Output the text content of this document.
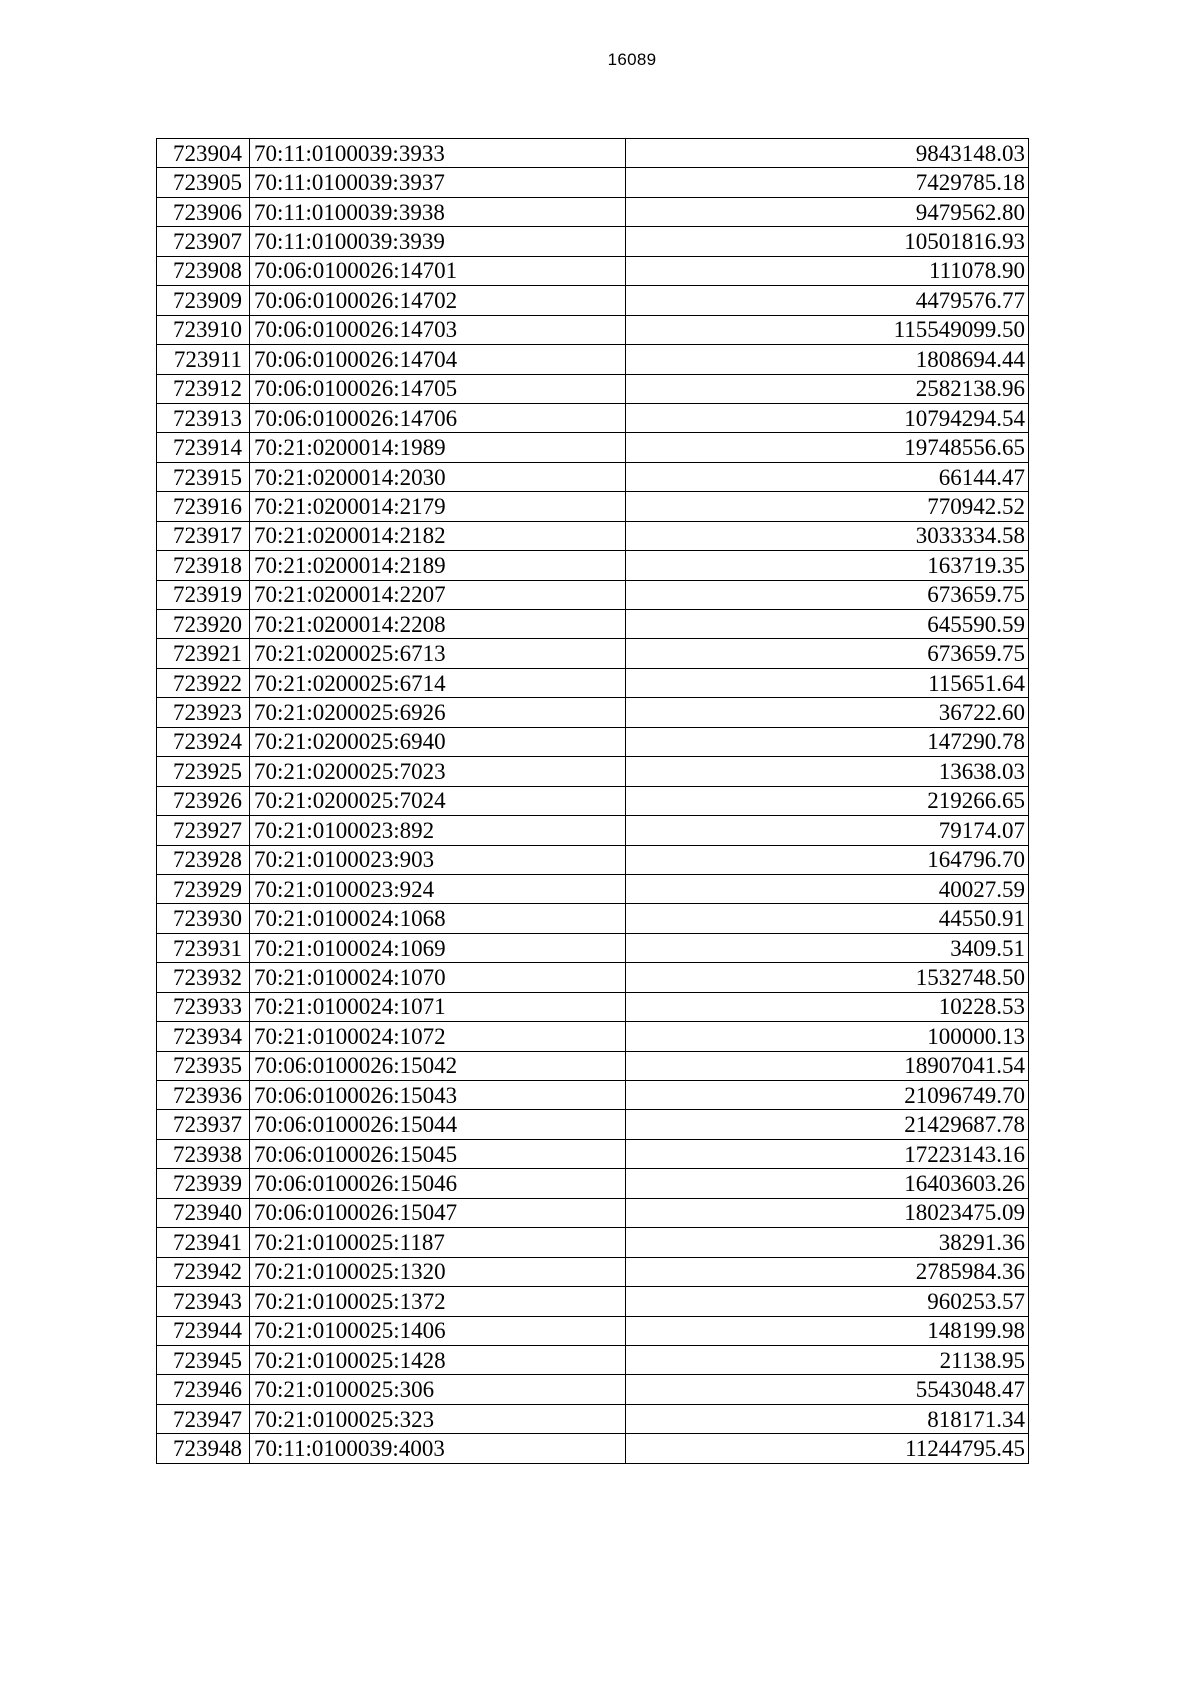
16089
723904	70:11:0100039:3933	9843148.03
723905	70:11:0100039:3937	7429785.18
723906	70:11:0100039:3938	9479562.80
723907	70:11:0100039:3939	10501816.93
723908	70:06:0100026:14701	111078.90
723909	70:06:0100026:14702	4479576.77
723910	70:06:0100026:14703	115549099.50
723911	70:06:0100026:14704	1808694.44
723912	70:06:0100026:14705	2582138.96
723913	70:06:0100026:14706	10794294.54
723914	70:21:0200014:1989	19748556.65
723915	70:21:0200014:2030	66144.47
723916	70:21:0200014:2179	770942.52
723917	70:21:0200014:2182	3033334.58
723918	70:21:0200014:2189	163719.35
723919	70:21:0200014:2207	673659.75
723920	70:21:0200014:2208	645590.59
723921	70:21:0200025:6713	673659.75
723922	70:21:0200025:6714	115651.64
723923	70:21:0200025:6926	36722.60
723924	70:21:0200025:6940	147290.78
723925	70:21:0200025:7023	13638.03
723926	70:21:0200025:7024	219266.65
723927	70:21:0100023:892	79174.07
723928	70:21:0100023:903	164796.70
723929	70:21:0100023:924	40027.59
723930	70:21:0100024:1068	44550.91
723931	70:21:0100024:1069	3409.51
723932	70:21:0100024:1070	1532748.50
723933	70:21:0100024:1071	10228.53
723934	70:21:0100024:1072	100000.13
723935	70:06:0100026:15042	18907041.54
723936	70:06:0100026:15043	21096749.70
723937	70:06:0100026:15044	21429687.78
723938	70:06:0100026:15045	17223143.16
723939	70:06:0100026:15046	16403603.26
723940	70:06:0100026:15047	18023475.09
723941	70:21:0100025:1187	38291.36
723942	70:21:0100025:1320	2785984.36
723943	70:21:0100025:1372	960253.57
723944	70:21:0100025:1406	148199.98
723945	70:21:0100025:1428	21138.95
723946	70:21:0100025:306	5543048.47
723947	70:21:0100025:323	818171.34
723948	70:11:0100039:4003	11244795.45
